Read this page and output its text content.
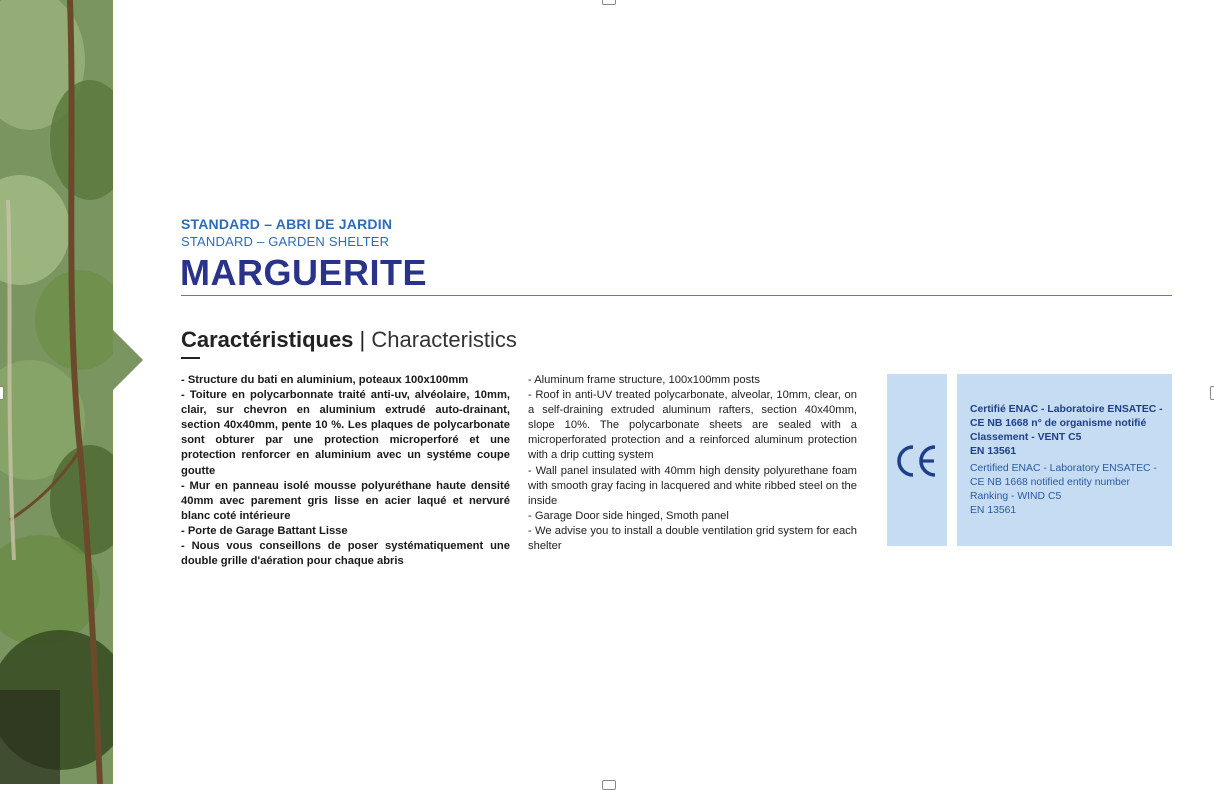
STANDARD – ABRI DE JARDIN
STANDARD – GARDEN SHELTER
MARGUERITE
Caractéristiques | Characteristics
- Structure du bati en aluminium, poteaux 100x100mm
- Toiture en polycarbonnate traité anti-uv, alvéolaire, 10mm, clair, sur chevron en aluminium extrudé auto-drainant, section 40x40mm, pente 10 %. Les plaques de polycarbonate sont obturer par une protection microperforé et une protection renforcer en aluminium avec un systéme coupe goutte
- Mur en panneau isolé mousse polyuréthane haute densité 40mm avec parement gris lisse en acier laqué et nervuré blanc coté intérieure
- Porte de Garage Battant Lisse
- Nous vous conseillons de poser systématiquement une double grille d'aération pour chaque abris
- Aluminum frame structure, 100x100mm posts
- Roof in anti-UV treated polycarbonate, alveolar, 10mm, clear, on a self-draining extruded aluminum rafters, section 40x40mm, slope 10%. The polycarbonate sheets are sealed with a microperforated protection and a reinforced aluminum protection with a drip cutting system
- Wall panel insulated with 40mm high density polyurethane foam with smooth gray facing in lacquered and white ribbed steel on the inside
- Garage Door side hinged, Smoth panel
- We advise you to install a double ventilation grid system for each shelter
Certifié ENAC - Laboratoire ENSATEC -
CE NB 1668 n° de organisme notifié
Classement - VENT C5
EN 13561
Certified ENAC - Laboratory ENSATEC -
CE NB 1668 notified entity number
Ranking - WIND C5
EN 13561
